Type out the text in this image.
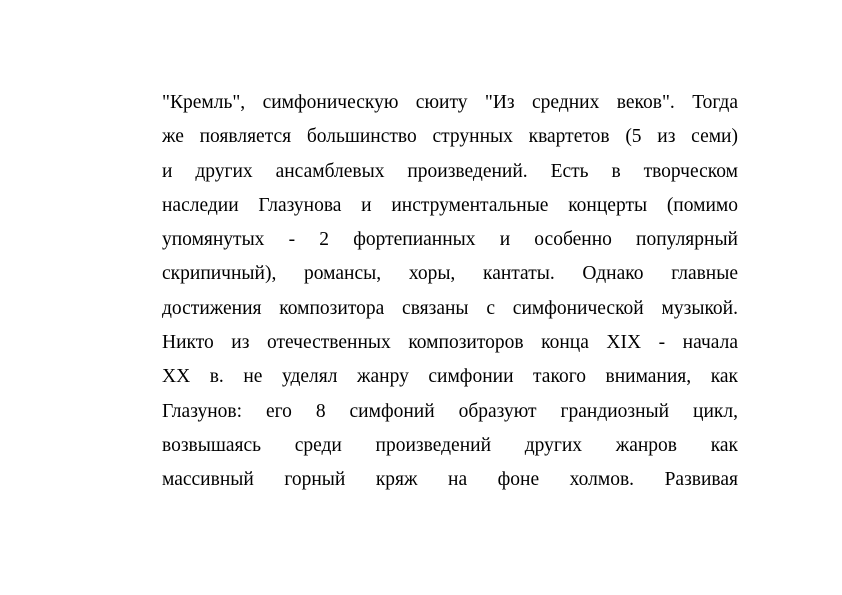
"Кремль", симфоническую сюиту "Из средних веков". Тогда
же появляется большинство струнных квартетов (5 из семи)
и других ансамблевых произведений. Есть в творческом
наследии Глазунова и инструментальные концерты (помимо
упомянутых - 2 фортепианных и особенно популярный
скрипичный), романсы, хоры, кантаты. Однако главные
достижения композитора связаны с симфонической музыкой.
Никто из отечественных композиторов конца XIX - начала
XX в. не уделял жанру симфонии такого внимания, как
Глазунов: его 8 симфоний образуют грандиозный цикл,
возвышаясь среди произведений других жанров как
массивный горный кряж на фоне холмов. Развивая
